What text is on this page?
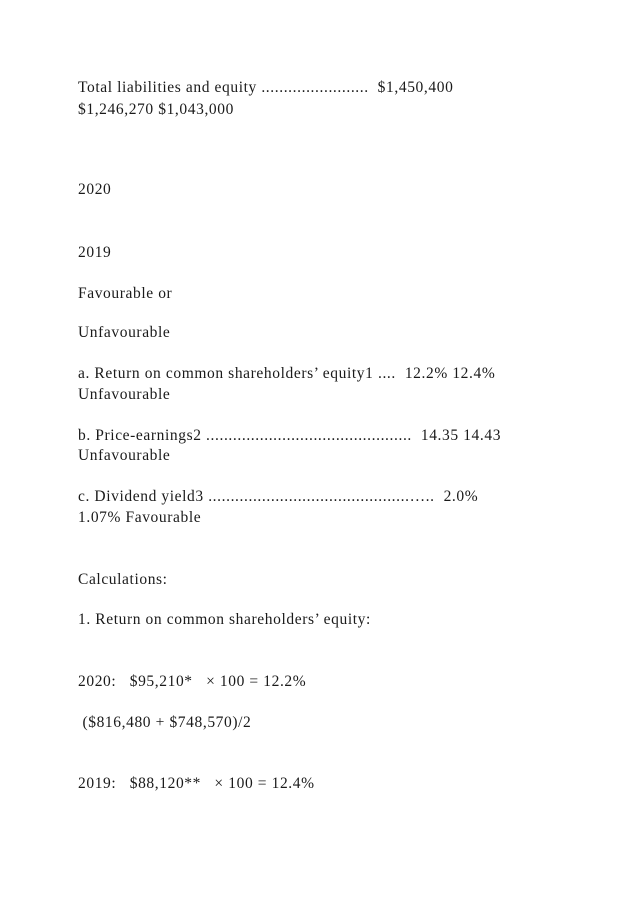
Total liabilities and equity ........................  $1,450,400
$1,246,270 $1,043,000
2020
2019
Favourable or
Unfavourable
a. Return on common shareholders’ equity1 ....  12.2% 12.4%
Unfavourable
b. Price-earnings2 ..............................................  14.35 14.43
Unfavourable
c. Dividend yield3 .............................................…..  2.0%
1.07% Favourable
Calculations:
1. Return on common shareholders’ equity:
2020:   $95,210*   × 100 = 12.2%
($816,480 + $748,570)/2
2019:   $88,120**   × 100 = 12.4%
